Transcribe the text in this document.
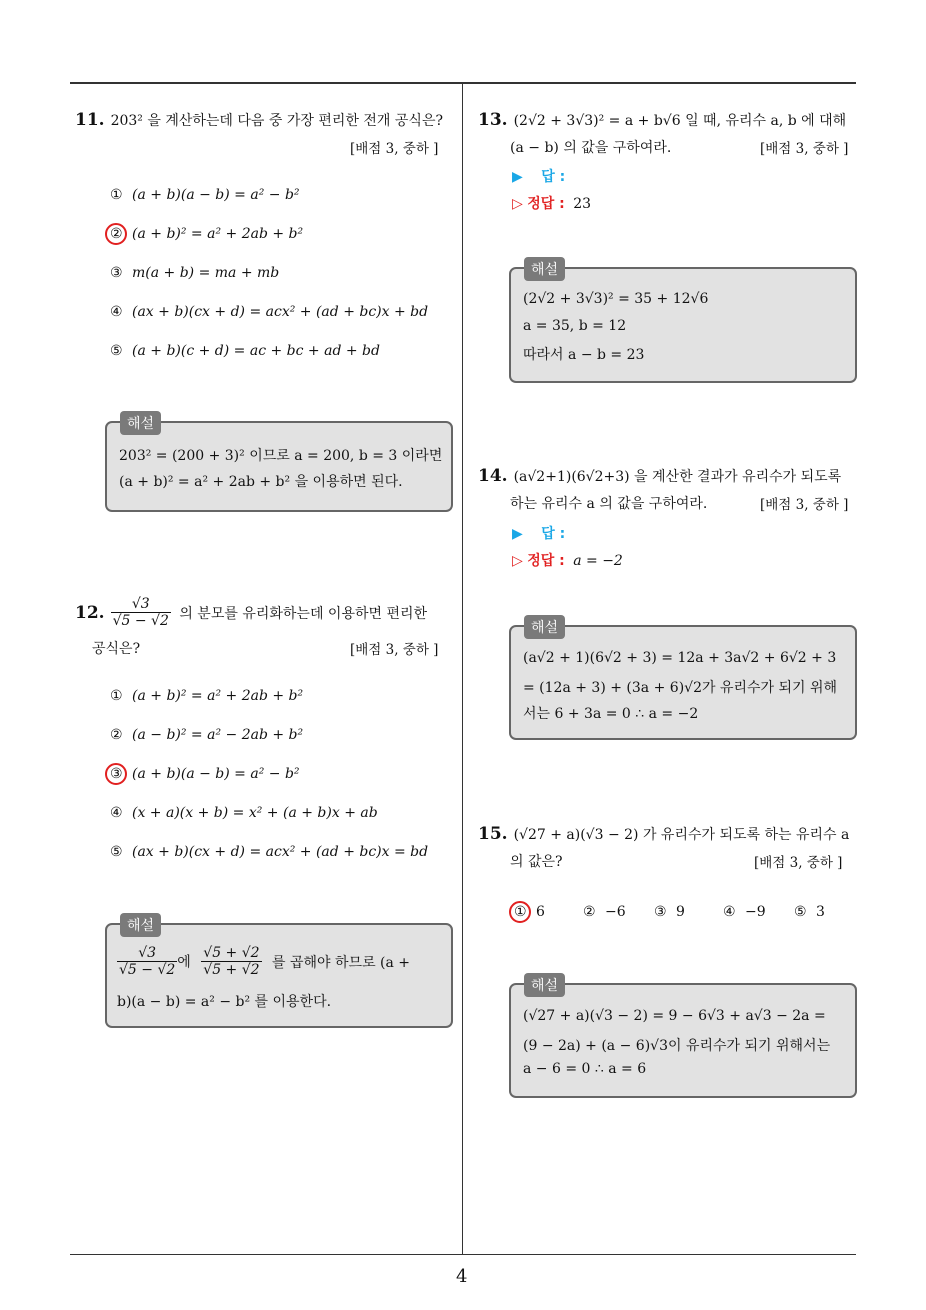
4
11. 203² 을 계산하는데 다음 중 가장 편리한 전개 공식은?
[배점 3, 중하 ]
① (a + b)(a − b) = a² − b²
② (a + b)² = a² + 2ab + b²
③ m(a + b) = ma + mb
④ (ax + b)(cx + d) = acx² + (ad + bc)x + bd
⑤ (a + b)(c + d) = ac + bc + ad + bd
해설
203² = (200 + 3)² 이므로 a = 200, b = 3 이라면
(a + b)² = a² + 2ab + b² 을 이용하면 된다.
12. $\frac{√3}{√5 - √2}$ 의 분모를 유리화하는데 이용하면 편리한
공식은?	[배점 3, 중하 ]
① (a + b)² = a² + 2ab + b²
② (a − b)² = a² − 2ab + b²
③ (a + b)(a − b) = a² − b²
④ (x + a)(x + b) = x² + (a + b)x + ab
⑤ (ax + b)(cx + d) = acx² + (ad + bc)x = bd
해설
$\frac{√3}{√5 - √2}$ 에 $\frac{√5 + √2}{√5 + √2}$ 를 곱해야 하므로 (a +
b)(a − b) = a² − b² 를 이용한다.
13. (2√2 + 3√3)² = a + b√6 일 때, 유리수 a, b 에 대해
(a − b) 의 값을 구하여라.	[배점 3, 중하 ]
▶ 답 :
▷ 정답 : 23
해설
(2√2 + 3√3)² = 35 + 12√6
a = 35, b = 12
따라서 a − b = 23
14. (a√2+1)(6√2+3) 을 계산한 결과가 유리수가 되도록
하는 유리수 a 의 값을 구하여라.	[배점 3, 중하 ]
▶ 답 :
▷ 정답 : a = −2
해설
(a√2 + 1)(6√2 + 3) = 12a + 3a√2 + 6√2 + 3
= (12a + 3) + (3a + 6)√2가 유리수가 되기 위해
서는 6 + 3a = 0 ∴ a = −2
15. (√27 + a)(√3 − 2) 가 유리수가 되도록 하는 유리수 a
의 값은?	[배점 3, 중하 ]
① 6	② −6 ③ 9	④ −9 ⑤ 3
해설
(√27 + a)(√3 − 2) = 9 − 6√3 + a√3 − 2a =
(9 − 2a) + (a − 6)√3이 유리수가 되기 위해서는
a − 6 = 0 ∴ a = 6
